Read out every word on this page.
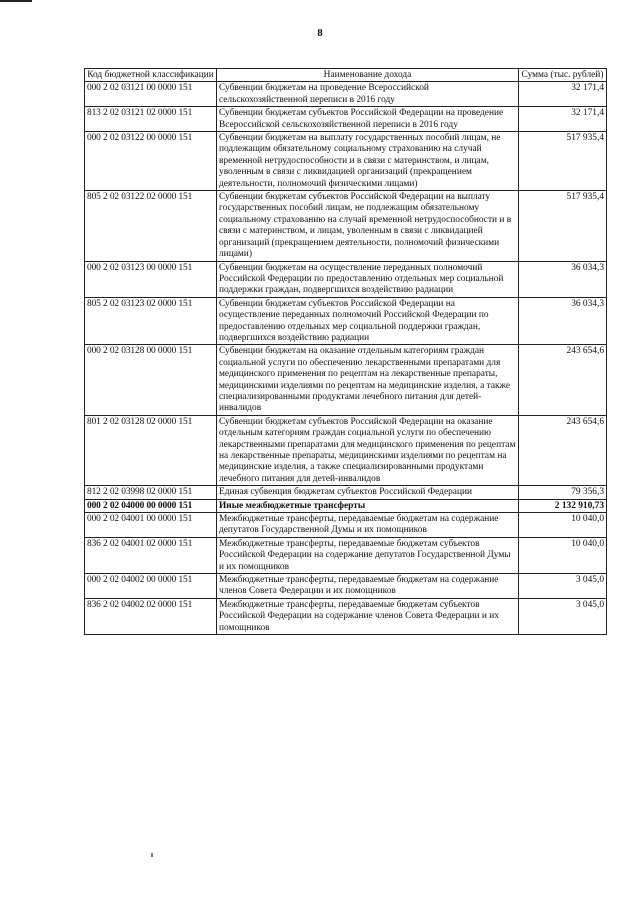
8
Код бюджетной классификации	Наименование дохода	Сумма (тыс. рублей)
000 2 02 03121 00 0000 151	Субвенции бюджетам на проведение Всероссийской сельскохозяйственной переписи в 2016 году	32 171,4
813 2 02 03121 02 0000 151	Субвенции бюджетам субъектов Российской Федерации на проведение Всероссийской сельскохозяйственной переписи в 2016 году	32 171,4
000 2 02 03122 00 0000 151	Субвенции бюджетам на выплату государственных пособий лицам, не подлежащим обязательному социальному страхованию на случай временной нетрудоспособности и в связи с материнством, и лицам, уволенным в связи с ликвидацией организаций (прекращением деятельности, полномочий физическими лицами)	517 935,4
805 2 02 03122 02 0000 151	Субвенции бюджетам субъектов Российской Федерации на выплату государственных пособий лицам, не подлежащим обязательному социальному страхованию на случай временной нетрудоспособности и в связи с материнством, и лицам, уволенным в связи с ликвидацией организаций (прекращением деятельности, полномочий физическими лицами)	517 935,4
000 2 02 03123 00 0000 151	Субвенции бюджетам на осуществление переданных полномочий Российской Федерации по предоставлению отдельных мер социальной поддержки граждан, подвергшихся воздействию радиации	36 034,3
805 2 02 03123 02 0000 151	Субвенции бюджетам субъектов Российской Федерации на осуществление переданных полномочий Российской Федерации по предоставлению отдельных мер социальной поддержки граждан, подвергшихся воздействию радиации	36 034,3
000 2 02 03128 00 0000 151	Субвенции бюджетам на оказание отдельным категориям граждан социальной услуги по обеспечению лекарственными препаратами для медицинского применения по рецептам на лекарственные препараты, медицинскими изделиями по рецептам на медицинские изделия, а также специализированными продуктами лечебного питания для детей-инвалидов	243 654,6
801 2 02 03128 02 0000 151	Субвенции бюджетам субъектов Российской Федерации на оказание отдельным категориям граждан социальной услуги по обеспечению лекарственными препаратами для медицинского применения по рецептам на лекарственные препараты, медицинскими изделиями по рецептам на медицинские изделия, а также специализированными продуктами лечебного питания для детей-инвалидов	243 654,6
812 2 02 03998 02 0000 151	Единая субвенция бюджетам субъектов Российской Федерации	79 356,3
000 2 02 04000 00 0000 151	Иные межбюджетные трансферты	2 132 910,73
000 2 02 04001 00 0000 151	Межбюджетные трансферты, передаваемые бюджетам на содержание депутатов Государственной Думы и их помощников	10 040,0
836 2 02 04001 02 0000 151	Межбюджетные трансферты, передаваемые бюджетам субъектов Российской Федерации на содержание депутатов Государственной Думы и их помощников	10 040,0
000 2 02 04002 00 0000 151	Межбюджетные трансферты, передаваемые бюджетам на содержание членов Совета Федерации и их помощников	3 045,0
836 2 02 04002 02 0000 151	Межбюджетные трансферты, передаваемые бюджетам субъектов Российской Федерации на содержание членов Совета Федерации и их помощников	3 045,0
